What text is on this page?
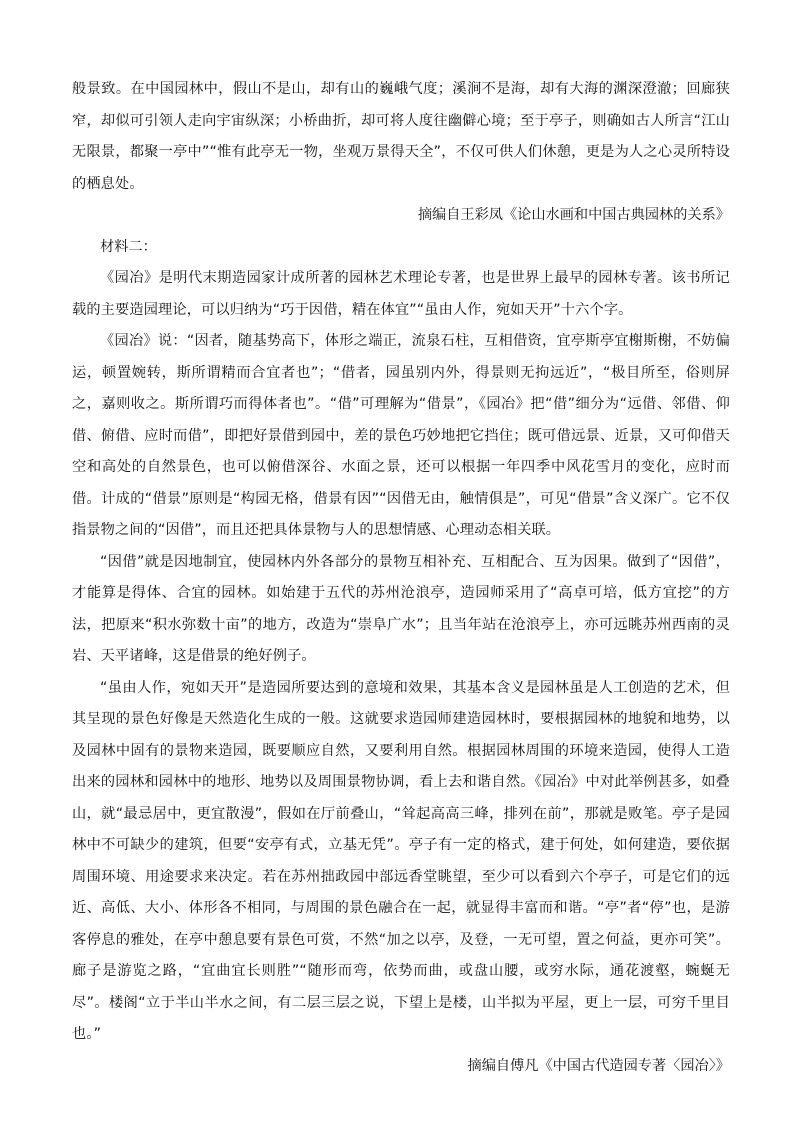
般景致。在中国园林中，假山不是山，却有山的巍峨气度；溪涧不是海，却有大海的渊深澄澈；回廊狭窄，却似可引领人走向宇宙纵深；小桥曲折，却可将人度往幽僻心境；至于亭子，则确如古人所言“江山无限景，都聚一亭中”“惟有此亭无一物，坐观万景得天全”，不仅可供人们休憩，更是为人之心灵所特设的栖息处。

摘编自王彩凤《论山水画和中国古典园林的关系》

材料二：

《园冶》是明代末期造园家计成所著的园林艺术理论专著，也是世界上最早的园林专著。该书所记载的主要造园理论，可以归纳为“巧于因借，精在体宜”“虽由人作，宛如天开”十六个字。

《园冶》说：“因者，随基势高下，体形之端正，流泉石柱，互相借资，宜亭斯亭宜榭斯榭，不妨偏运，顿置婉转，斯所谓精而合宜者也”；“借者，园虽别内外，得景则无拘远近”，“极目所至，俗则屏之，嘉则收之。斯所谓巧而得体者也”。“借”可理解为“借景”，《园冶》把“借”细分为“远借、邻借、仰借、俯借、应时而借”，即把好景借到园中，差的景色巧妙地把它挡住；既可借远景、近景，又可仰借天空和高处的自然景色，也可以俯借深谷、水面之景，还可以根据一年四季中风花雪月的变化，应时而借。计成的“借景”原则是“构园无格，借景有因”“因借无由，触情俱是”，可见“借景”含义深广。它不仅指景物之间的“因借”，而且还把具体景物与人的思想情感、心理动态相关联。

“因借”就是因地制宜，使园林内外各部分的景物互相补充、互相配合、互为因果。做到了“因借”，才能算是得体、合宜的园林。如始建于五代的苏州沧浪亭，造园师采用了“高卓可培，低方宜挖”的方法，把原来“积水弥数十亩”的地方，改造为“崇阜广水”；且当年站在沧浪亭上，亦可远眺苏州西南的灵岩、天平诸峰，这是借景的绝好例子。

“虽由人作，宛如天开”是造园所要达到的意境和效果，其基本含义是园林虽是人工创造的艺术，但其呈现的景色好像是天然造化生成的一般。这就要求造园师建造园林时，要根据园林的地貌和地势，以及园林中固有的景物来造园，既要顺应自然，又要利用自然。根据园林周围的环境来造园，使得人工造出来的园林和园林中的地形、地势以及周围景物协调，看上去和谐自然。《园冶》中对此举例甚多，如叠山，就“最忌居中，更宜散漫”，假如在厅前叠山，“耸起高高三峰，排列在前”，那就是败笔。亭子是园林中不可缺少的建筑，但要“安亭有式，立基无凭”。亭子有一定的格式，建于何处，如何建造，要依据周围环境、用途要求来决定。若在苏州拙政园中部远香堂眺望，至少可以看到六个亭子，可是它们的远近、高低、大小、体形各不相同，与周围的景色融合在一起，就显得丰富而和谐。“亭”者“停”也，是游客停息的雅处，在亭中憩息要有景色可赏，不然“加之以亭，及登，一无可望，置之何益，更亦可笑”。廊子是游览之路，“宜曲宜长则胜”“随形而弯，依势而曲，或盘山腰，或穷水际，通花渡壑，蜿蜒无尽”。楼阁“立于半山半水之间，有二层三层之说，下望上是楼，山半拟为平屋，更上一层，可穷千里目也。”

摘编自傅凡《中国古代造园专著〈园冶〉》
